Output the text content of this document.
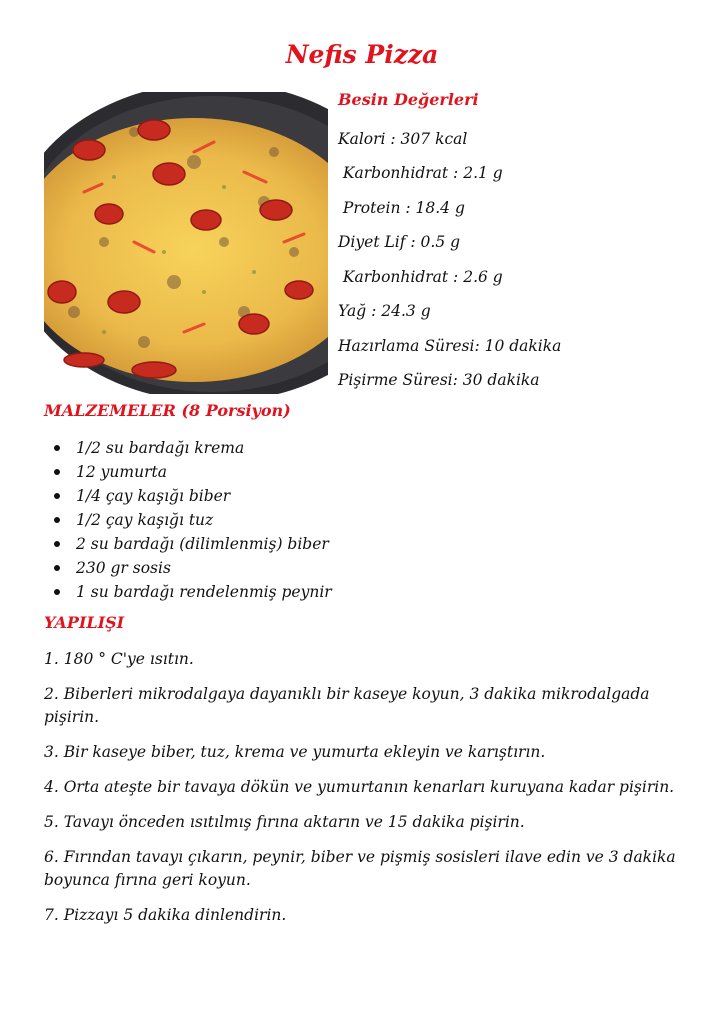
Nefis Pizza
Besin Değerleri
Kalori : 307 kcal
Karbonhidrat : 2.1 g
Protein : 18.4 g
Diyet Lif : 0.5 g
Karbonhidrat : 2.6 g
Yağ : 24.3 g
Hazırlama Süresi: 10 dakika
Pişirme Süresi: 30 dakika
MALZEMELER (8 Porsiyon)
1/2 su bardağı krema
12 yumurta
1/4 çay kaşığı biber
1/2 çay kaşığı tuz
2 su bardağı (dilimlenmiş) biber
230 gr sosis
1 su bardağı rendelenmiş peynir
YAPILIŞI

1. 180 ° C'ye ısıtın.

2. Biberleri mikrodalgaya dayanıklı bir kaseye koyun, 3 dakika mikrodalgada pişirin.

3. Bir kaseye biber, tuz, krema ve yumurta ekleyin ve karıştırın.

4. Orta ateşte bir tavaya dökün ve yumurtanın kenarları kuruyana kadar pişirin.

5. Tavayı önceden ısıtılmış fırına aktarın ve 15 dakika pişirin.

6. Fırından tavayı çıkarın, peynir, biber ve pişmiş sosisleri ilave edin ve 3 dakika boyunca fırına geri koyun.

7. Pizzayı 5 dakika dinlendirin.
